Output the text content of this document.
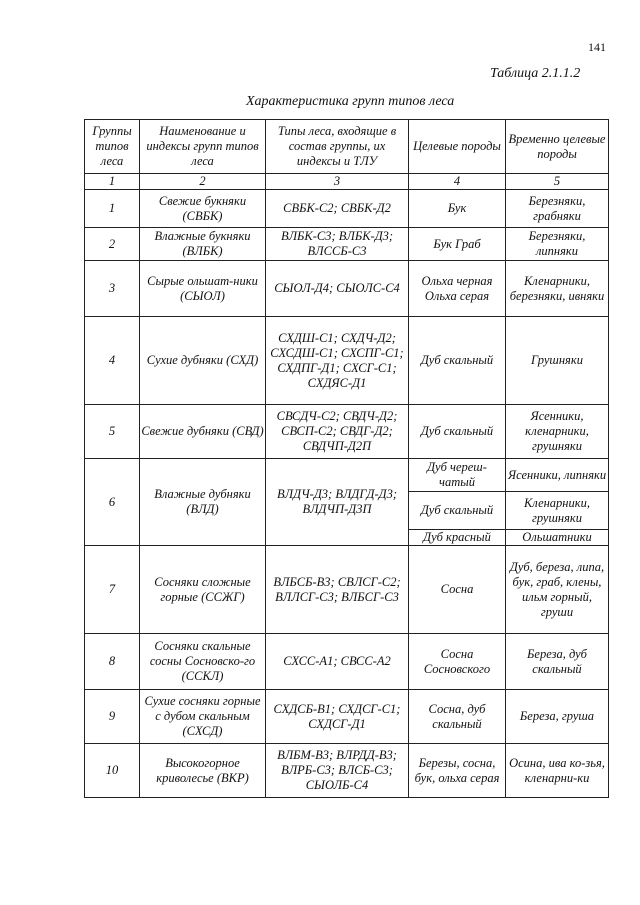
141
Таблица 2.1.1.2
Характеристика групп типов леса
Группы типов леса	Наименование и индексы групп типов леса	Типы леса, входящие в состав группы, их индексы и ТЛУ	Целевые породы	Временно целевые породы
1	2	3	4	5
1	Свежие букняки (СВБК)	СВБК-С2; СВБК-Д2	Бук	Березняки, грабняки
2	Влажные букняки (ВЛБК)	ВЛБК-С3; ВЛБК-Д3; ВЛССБ-С3	Бук Граб	Березняки, липняки
3	Сырые ольшат-ники (СЫОЛ)	СЫОЛ-Д4; СЫОЛС-С4	Ольха черная Ольха серая	Кленарники, березняки, ивняки
4	Сухие дубняки (СХД)	СХДШ-С1; СХДЧ-Д2; СХСДШ-С1; СХСПГ-С1; СХДПГ-Д1; СХСГ-С1; СХДЯС-Д1	Дуб скальный	Грушняки
5	Свежие дубняки (СВД)	СВСДЧ-С2; СВДЧ-Д2; СВСП-С2; СВДГ-Д2; СВДЧП-Д2П	Дуб скальный	Ясенники, кленарники, грушняки
6	Влажные дубняки (ВЛД)	ВЛДЧ-Д3; ВЛДГД-Д3; ВЛДЧП-Д3П	Дуб череш-чатый	Ясенники, липняки
			Дуб скальный	Кленарники, грушняки
			Дуб красный	Ольшатники
7	Сосняки сложные горные (ССЖГ)	ВЛБСБ-В3; СВЛСГ-С2; ВЛЛСГ-С3; ВЛБСГ-С3	Сосна	Дуб, береза, липа, бук, граб, клены, ильм горный, груши
8	Сосняки скальные сосны Сосновско-го (ССКЛ)	СХСС-А1; СВСС-А2	Сосна Сосновского	Береза, дуб скальный
9	Сухие сосняки горные с дубом скальным (СХСД)	СХДСБ-В1; СХДСГ-С1; СХДСГ-Д1	Сосна, дуб скальный	Береза, груша
10	Высокогорное криволесье (ВКР)	ВЛБМ-В3; ВЛРДД-В3; ВЛРБ-С3; ВЛСБ-С3; СЫОЛБ-С4	Березы, сосна, бук, ольха серая	Осина, ива ко-зья, кленарни-ки
